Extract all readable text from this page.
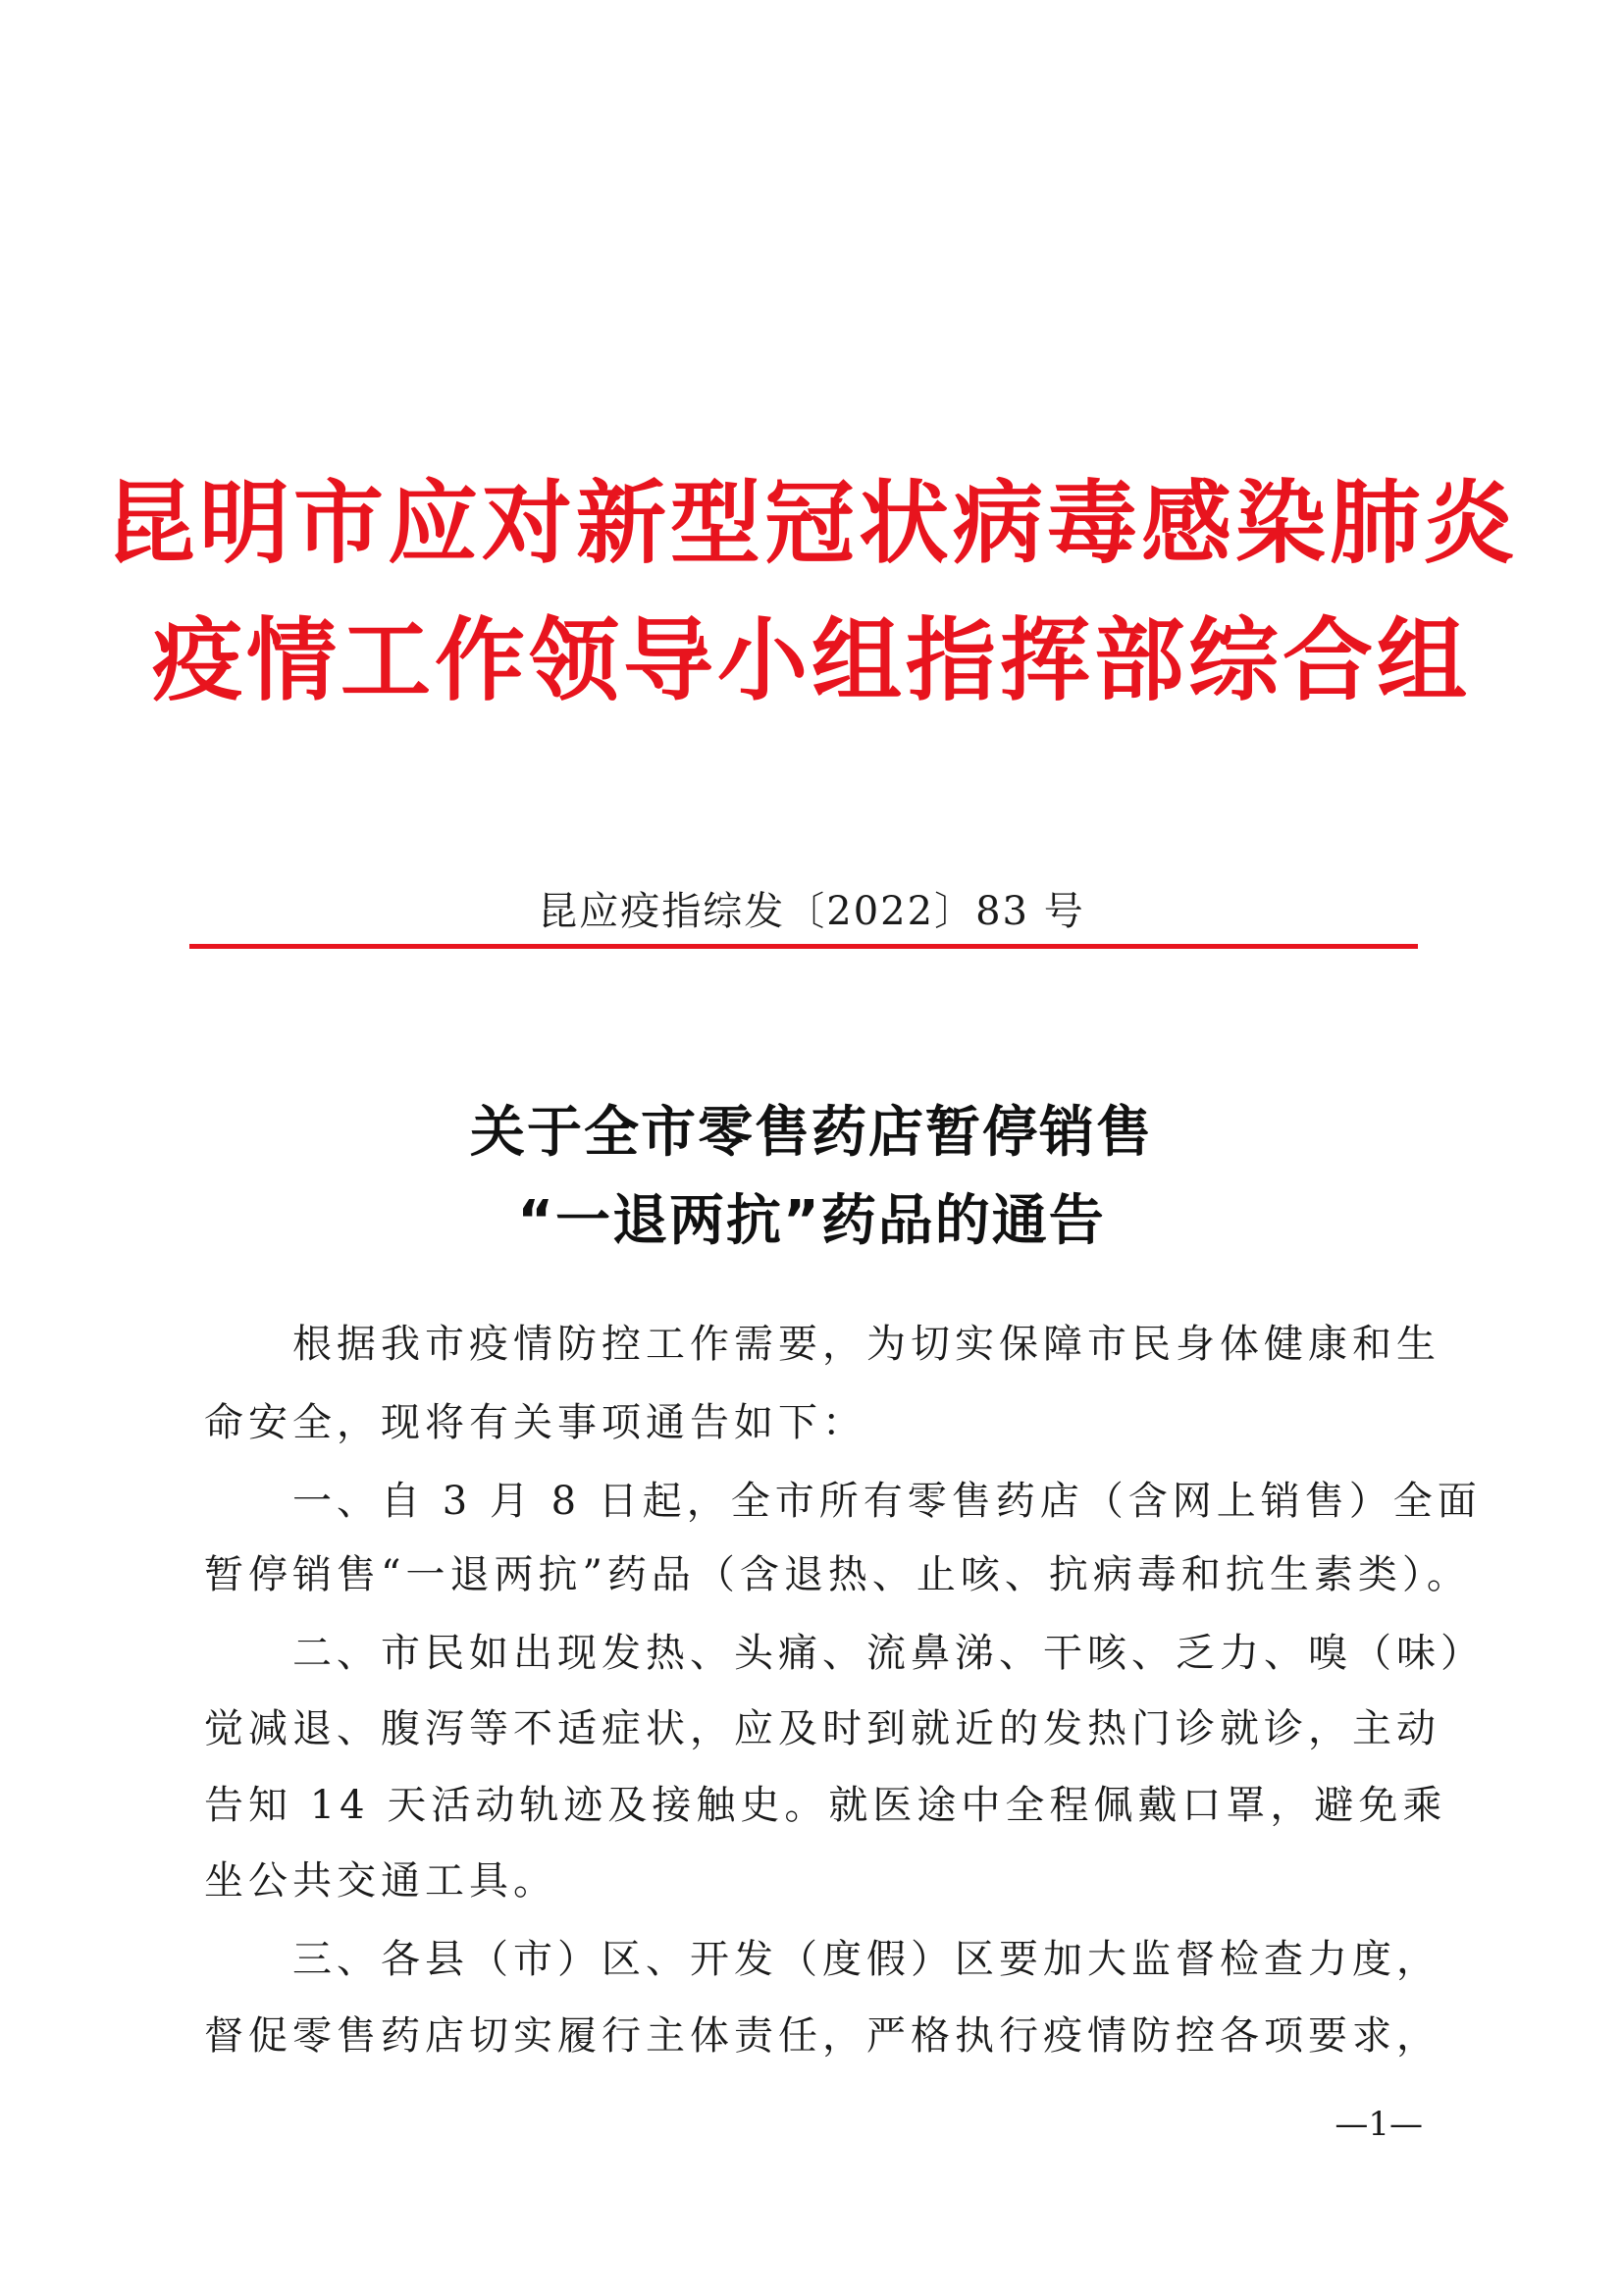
昆明市应对新型冠状病毒感染肺炎
疫情工作领导小组指挥部综合组
昆应疫指综发〔2022〕83 号
关于全市零售药店暂停销售
“一退两抗”药品的通告
　　根据我市疫情防控工作需要，为切实保障市民身体健康和生
命安全，现将有关事项通告如下：
　　一、自 3 月 8 日起，全市所有零售药店（含网上销售）全面
暂停销售“一退两抗”药品（含退热、止咳、抗病毒和抗生素类）。
　　二、市民如出现发热、头痛、流鼻涕、干咳、乏力、嗅（味）
觉减退、腹泻等不适症状，应及时到就近的发热门诊就诊，主动
告知 14 天活动轨迹及接触史。就医途中全程佩戴口罩，避免乘
坐公共交通工具。
　　三、各县（市）区、开发（度假）区要加大监督检查力度，
督促零售药店切实履行主体责任，严格执行疫情防控各项要求，
—1—
